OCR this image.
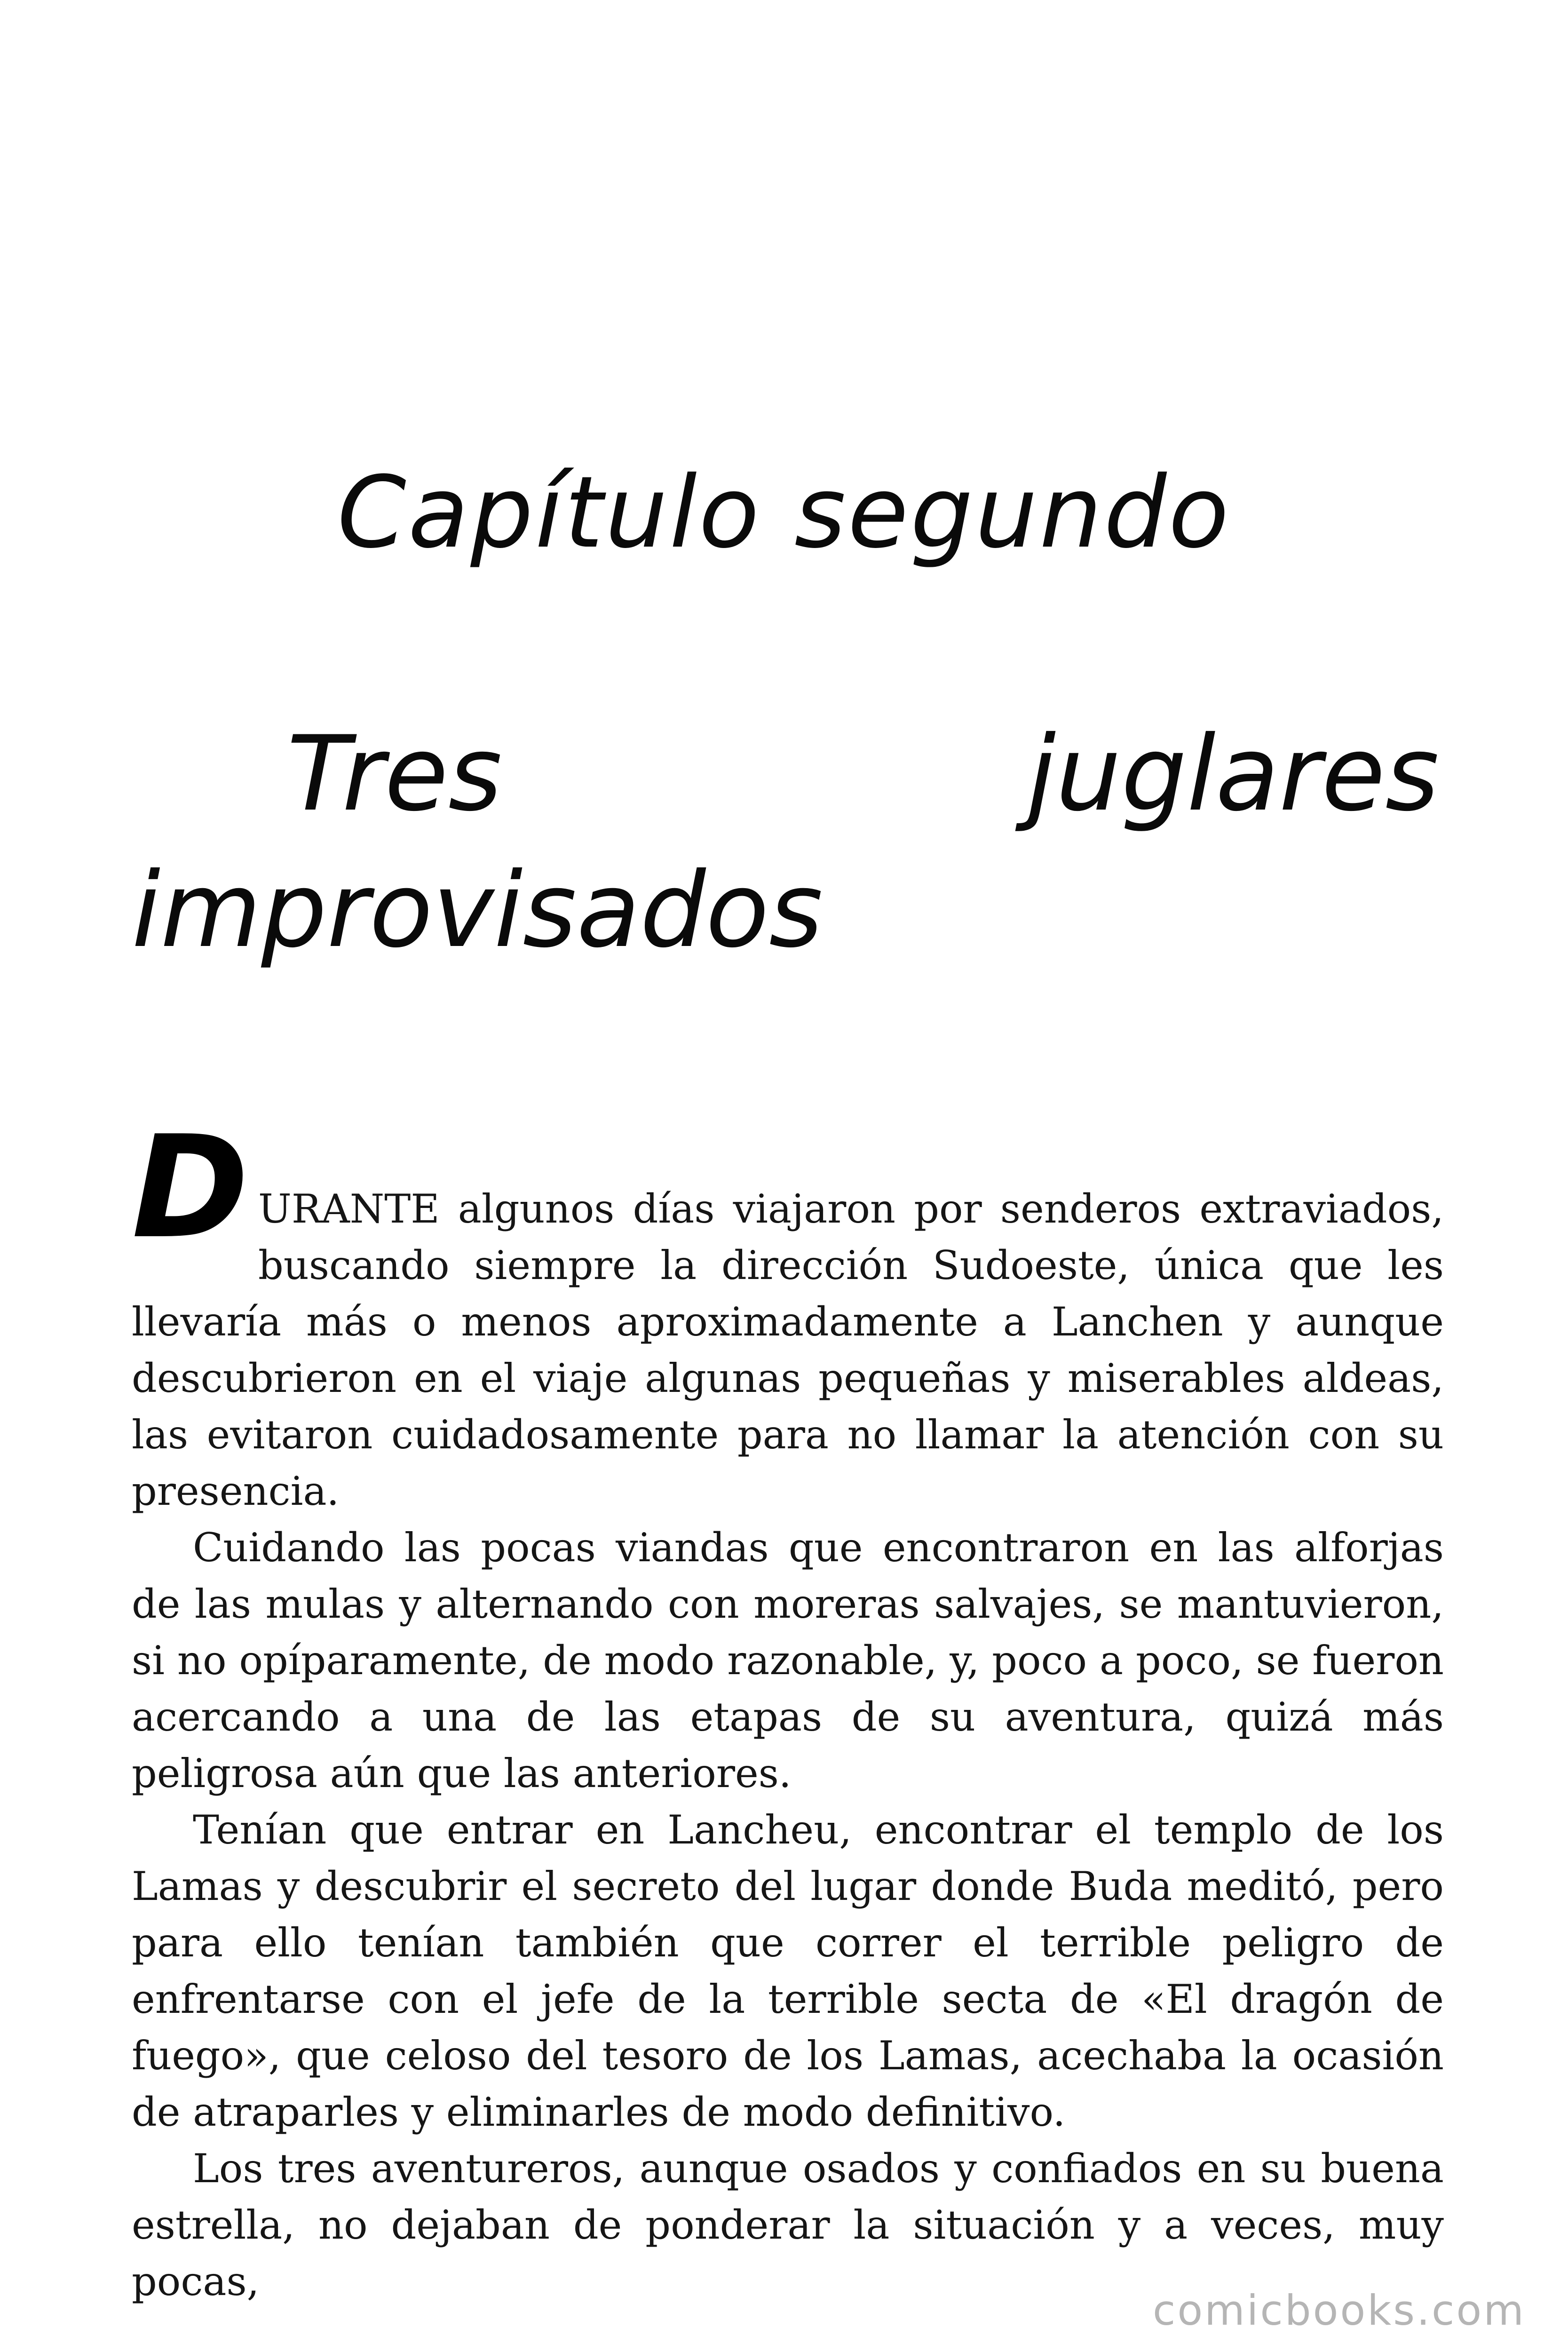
Capítulo segundo
Tres	juglares
improvisados

D URANTE algunos días viajaron por senderos extraviados, buscando siempre la dirección Sudoeste, única que les llevaría más o menos aproximadamente a Lanchen y aunque descubrieron en el viaje algunas pequeñas y miserables aldeas, las evitaron cuidadosamente para no llamar la atención con su presencia.

Cuidando las pocas viandas que encontraron en las alforjas de las mulas y alternando con moreras salvajes, se mantuvieron, si no opíparamente, de modo razonable, y, poco a poco, se fueron acercando a una de las etapas de su aventura, quizá más peligrosa aún que las anteriores.

Tenían que entrar en Lancheu, encontrar el templo de los Lamas y descubrir el secreto del lugar donde Buda meditó, pero para ello tenían también que correr el terrible peligro de enfrentarse con el jefe de la terrible secta de «El dragón de fuego», que celoso del tesoro de los Lamas, acechaba la ocasión de atraparles y eliminarles de modo definitivo.

Los tres aventureros, aunque osados y confiados en su buena estrella, no dejaban de ponderar la situación y a veces, muy pocas,

comicbooks.com
